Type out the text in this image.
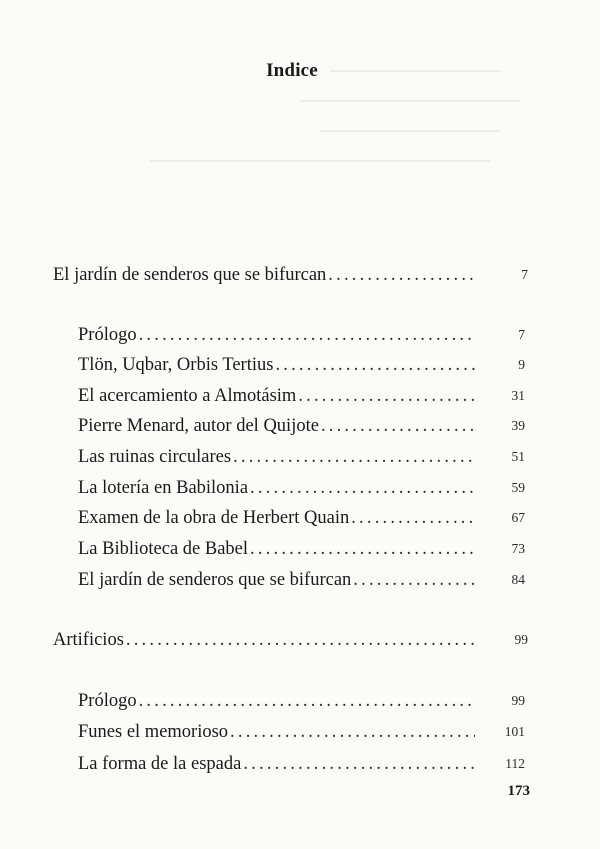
Indice
El jardín de senderos que se bifurcan .....	7
Prólogo .....	7
Tlön, Uqbar, Orbis Tertius .....	9
El acercamiento a Almotásim .....	31
Pierre Menard, autor del Quijote .....	39
Las ruinas circulares .....	51
La lotería en Babilonia .....	59
Examen de la obra de Herbert Quain .....	67
La Biblioteca de Babel .....	73
El jardín de senderos que se bifurcan .....	84
Artificios .....	99
Prólogo .....	99
Funes el memorioso .....	101
La forma de la espada .....	112
173
